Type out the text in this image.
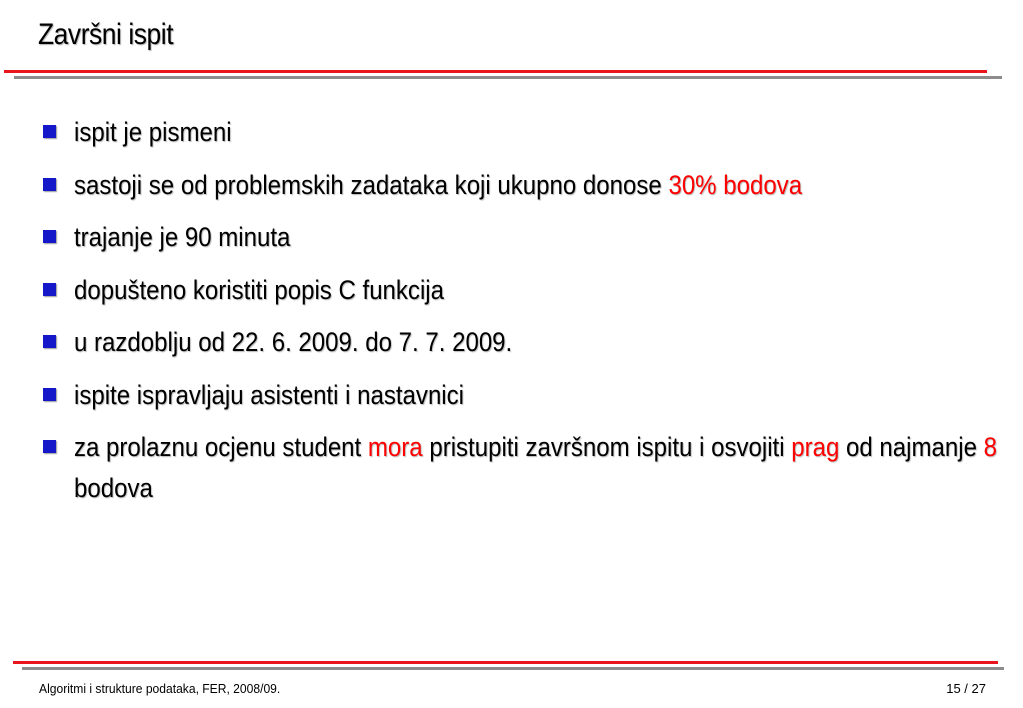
Završni ispit
ispit je pismeni
sastoji se od problemskih zadataka koji ukupno donose 30% bodova
trajanje je 90 minuta
dopušteno koristiti popis C funkcija
u razdoblju od 22. 6. 2009. do 7. 7. 2009.
ispite ispravljaju asistenti i nastavnici
za prolaznu ocjenu student mora pristupiti završnom ispitu i osvojiti prag od najmanje 8 bodova
Algoritmi i strukture podataka, FER, 2008/09.	15 / 27
